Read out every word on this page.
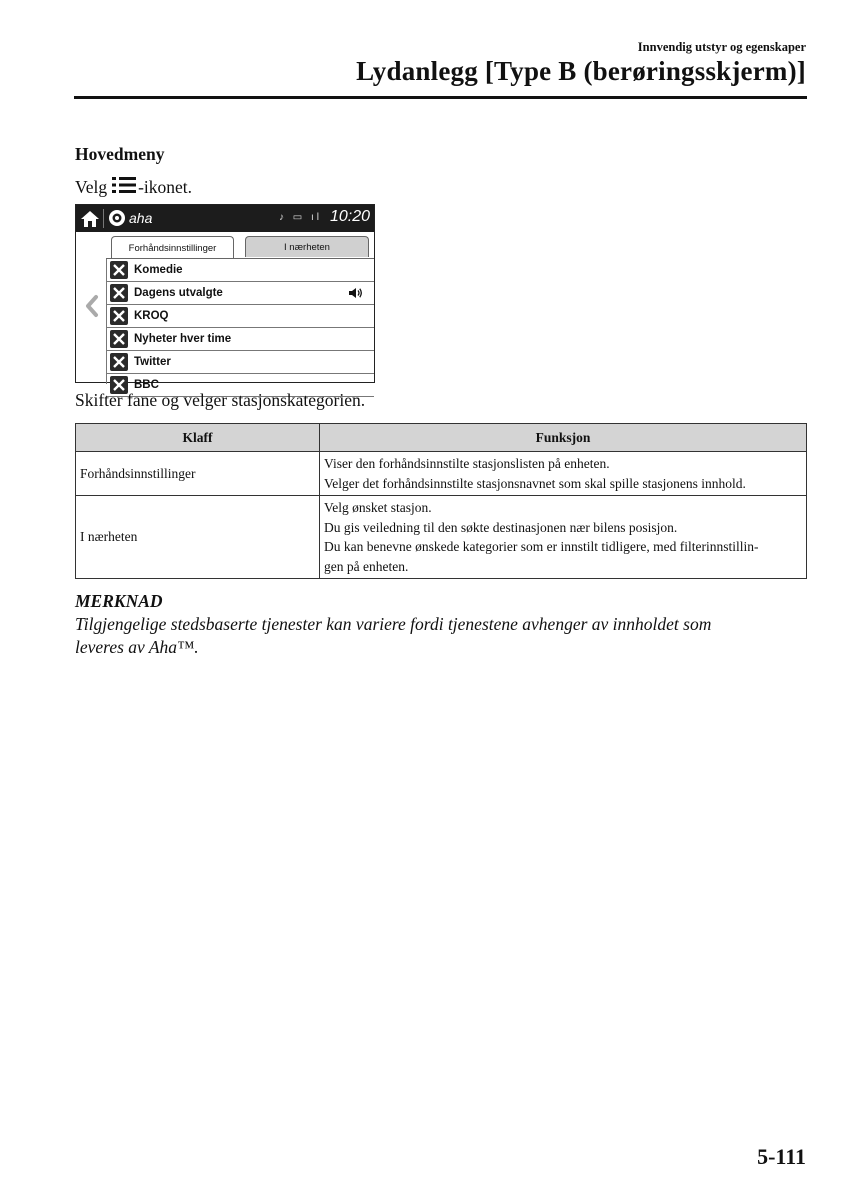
Innvendig utstyr og egenskaper
Lydanlegg [Type B (berøringsskjerm)]
Hovedmeny
Velg -ikonet.
aha	♪ ▭ ıl 10:20
Forhåndsinnstillinger	I nærheten
Komedie
Dagens utvalgte
KROQ
Nyheter hver time
Twitter
BBC
Skifter fane og velger stasjonskategorien.
Klaff	Funksjon
Forhåndsinnstillinger	Viser den forhåndsinnstilte stasjonslisten på enheten.
Velger det forhåndsinnstilte stasjonsnavnet som skal spille stasjonens innhold.

I nærheten	Velg ønsket stasjon.
Du gis veiledning til den søkte destinasjonen nær bilens posisjon.
Du kan benevne ønskede kategorier som er innstilt tidligere, med filterinnstillin-
gen på enheten.
MERKNAD
Tilgjengelige stedsbaserte tjenester kan variere fordi tjenestene avhenger av innholdet som
leveres av Aha™.
5-111
